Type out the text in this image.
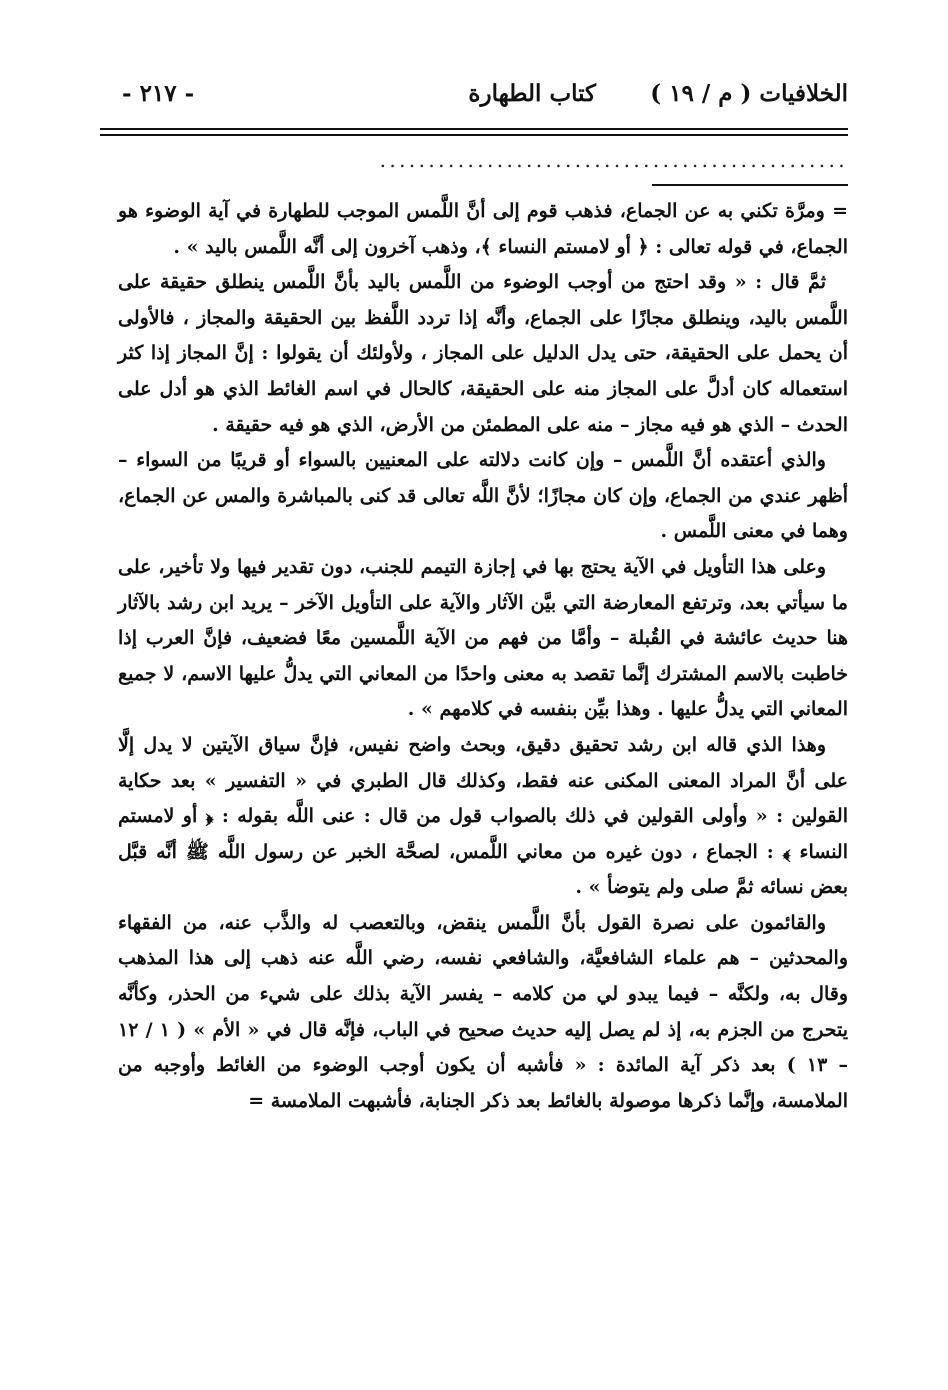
الخلافيات ( م / ١٩ )
كتاب الطهارة
- ٢١٧ -
................................................

= ومرَّة تكني به عن الجماع، فذهب قوم إلى أنَّ اللَّمس الموجب للطهارة في آية الوضوء هو الجماع، في قوله تعالى : ﴿ أو لامستم النساء ﴾، وذهب آخرون إلى أنَّه اللَّمس باليد » .

ثمَّ قال : « وقد احتج من أوجب الوضوء من اللَّمس باليد بأنَّ اللَّمس ينطلق حقيقة على اللَّمس باليد، وينطلق مجازًا على الجماع، وأنَّه إذا تردد اللَّفظ بين الحقيقة والمجاز ، فالأولى أن يحمل على الحقيقة، حتى يدل الدليل على المجاز ، ولأولئك أن يقولوا : إنَّ المجاز إذا كثر استعماله كان أدلَّ على المجاز منه على الحقيقة، كالحال في اسم الغائط الذي هو أدل على الحدث – الذي هو فيه مجاز – منه على المطمئن من الأرض، الذي هو فيه حقيقة .

والذي أعتقده أنَّ اللَّمس – وإن كانت دلالته على المعنيين بالسواء أو قريبًا من السواء – أظهر عندي من الجماع، وإن كان مجازًا؛ لأنَّ اللَّه تعالى قد كنى بالمباشرة والمس عن الجماع، وهما في معنى اللَّمس .

وعلى هذا التأويل في الآية يحتج بها في إجازة التيمم للجنب، دون تقدير فيها ولا تأخير، على ما سيأتي بعد، وترتفع المعارضة التي بيَّن الآثار والآية على التأويل الآخر – يريد ابن رشد بالآثار هنا حديث عائشة في القُبلة – وأمَّا من فهم من الآية اللَّمسين معًا فضعيف، فإنَّ العرب إذا خاطبت بالاسم المشترك إنَّما تقصد به معنى واحدًا من المعاني التي يدلُّ عليها الاسم، لا جميع المعاني التي يدلُّ عليها . وهذا بيِّن بنفسه في كلامهم » .

وهذا الذي قاله ابن رشد تحقيق دقيق، وبحث واضح نفيس، فإنَّ سياق الآيتين لا يدل إلَّا على أنَّ المراد المعنى المكنى عنه فقط، وكذلك قال الطبري في « التفسير » بعد حكاية القولين : « وأولى القولين في ذلك بالصواب قول من قال : عنى اللَّه بقوله : ﴿ أو لامستم النساء ﴾ : الجماع ، دون غيره من معاني اللَّمس، لصحَّة الخبر عن رسول اللَّه ﷺ أنَّه قبَّل بعض نسائه ثمَّ صلى ولم يتوضأ » .

والقائمون على نصرة القول بأنَّ اللَّمس ينقض، وبالتعصب له والذَّب عنه، من الفقهاء والمحدثين – هم علماء الشافعيَّة، والشافعي نفسه، رضي اللَّه عنه ذهب إلى هذا المذهب وقال به، ولكنَّه – فيما يبدو لي من كلامه – يفسر الآية بذلك على شيء من الحذر، وكأنَّه يتحرج من الجزم به، إذ لم يصل إليه حديث صحيح في الباب، فإنَّه قال في « الأم » ( ١ / ١٢ – ١٣ ) بعد ذكر آية المائدة : « فأشبه أن يكون أوجب الوضوء من الغائط وأوجبه من الملامسة، وإنَّما ذكرها موصولة بالغائط بعد ذكر الجنابة، فأشبهت الملامسة =
